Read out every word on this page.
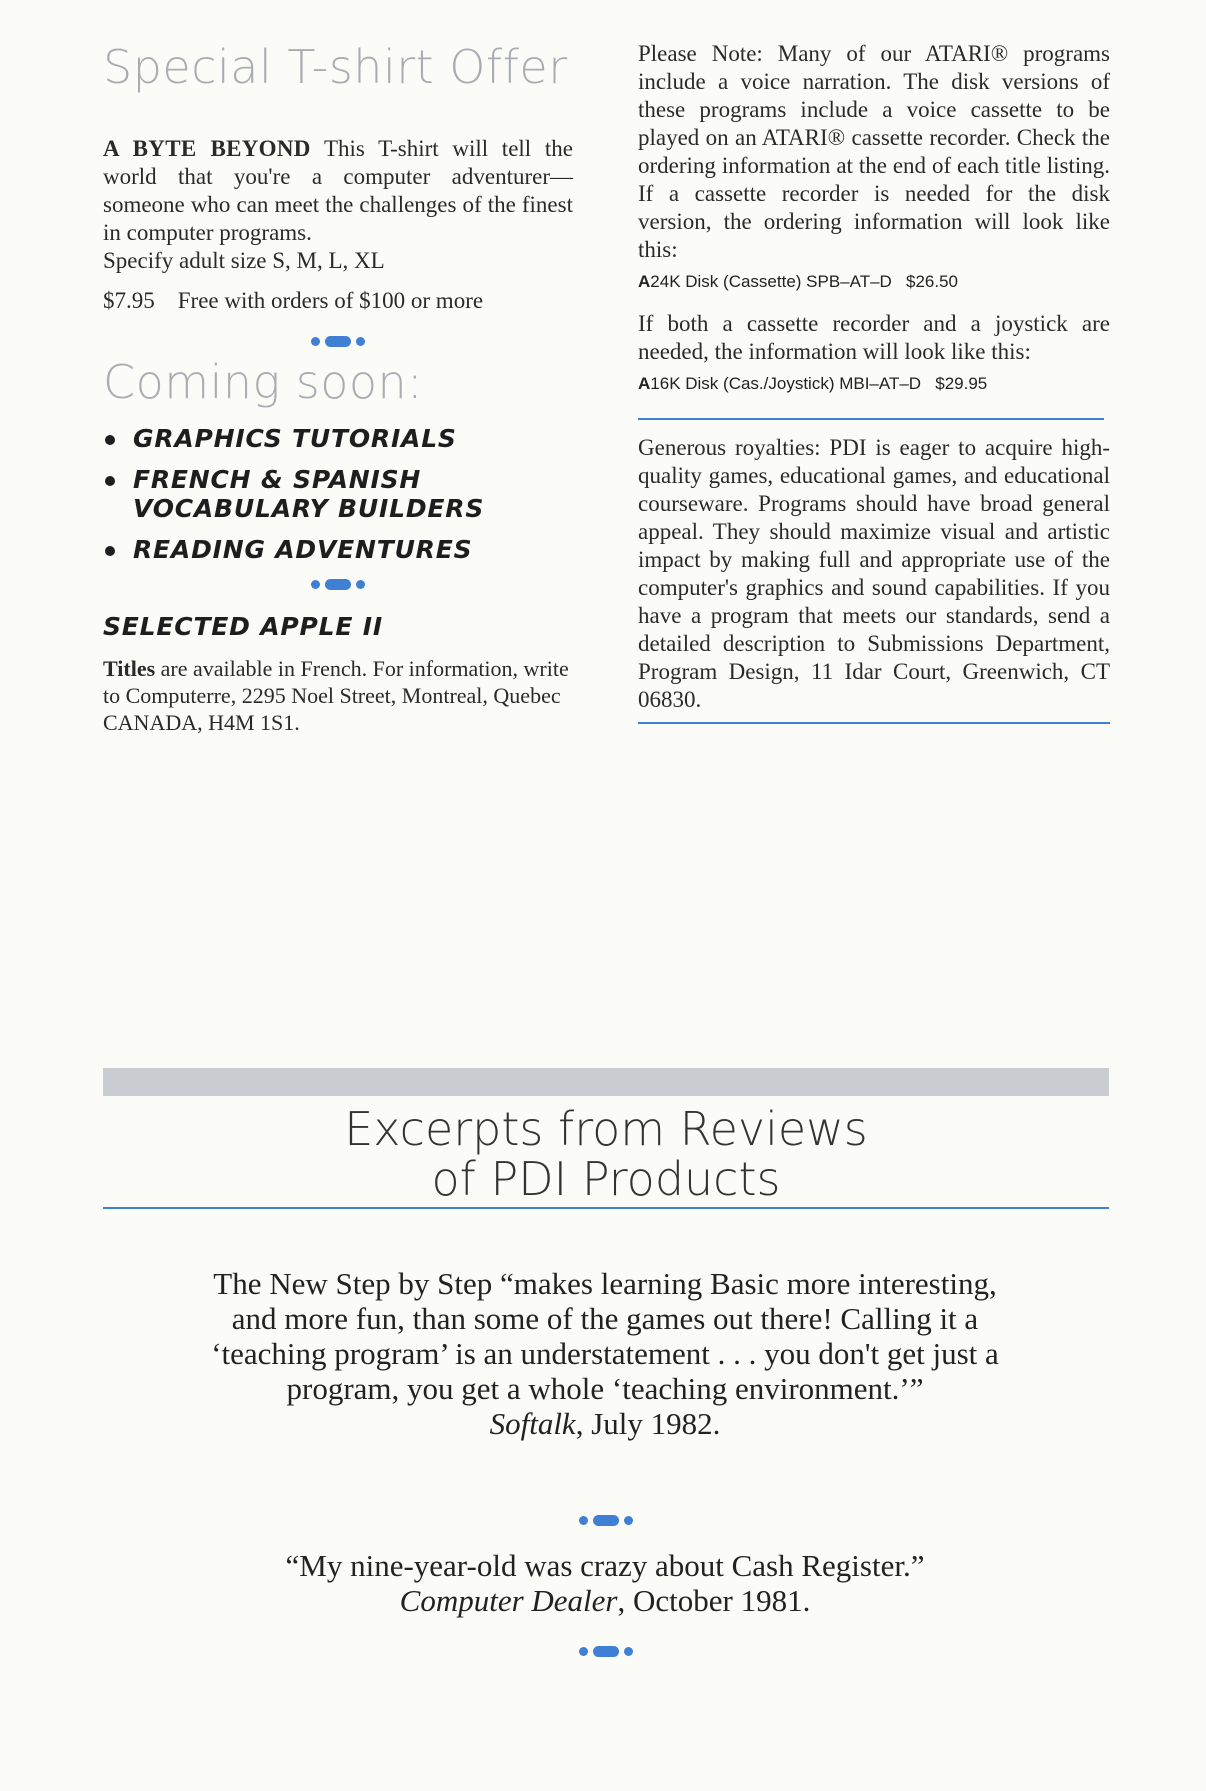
Special T-shirt Offer

A BYTE BEYOND This T-shirt will tell the world that you're a computer adventurer—someone who can meet the challenges of the finest in computer programs.

Specify adult size S, M, L, XL

$7.95 Free with orders of $100 or more

Coming soon:
GRAPHICS TUTORIALS
FRENCH & SPANISH VOCABULARY BUILDERS
READING ADVENTURES
SELECTED APPLE II

Titles are available in French. For information, write to Computerre, 2295 Noel Street, Montreal, Quebec CANADA, H4M 1S1.

Please Note: Many of our ATARI® programs include a voice narration. The disk versions of these programs include a voice cassette to be played on an ATARI® cassette recorder. Check the ordering information at the end of each title listing. If a cassette recorder is needed for the disk version, the ordering information will look like this:

A24K Disk (Cassette) SPB–AT–D $26.50

If both a cassette recorder and a joystick are needed, the information will look like this:

A16K Disk (Cas./Joystick) MBI–AT–D $29.95

Generous royalties: PDI is eager to acquire high-quality games, educational games, and educational courseware. Programs should have broad general appeal. They should maximize visual and artistic impact by making full and appropriate use of the computer's graphics and sound capabilities. If you have a program that meets our standards, send a detailed description to Submissions Department, Program Design, 11 Idar Court, Greenwich, CT 06830.

Excerpts from Reviews
of PDI Products
The New Step by Step “makes learning Basic more interesting, and more fun, than some of the games out there! Calling it a ‘teaching program’ is an understatement . . . you don't get just a program, you get a whole ‘teaching environment.’”
Softalk, July 1982.
“My nine-year-old was crazy about Cash Register.”
Computer Dealer, October 1981.
